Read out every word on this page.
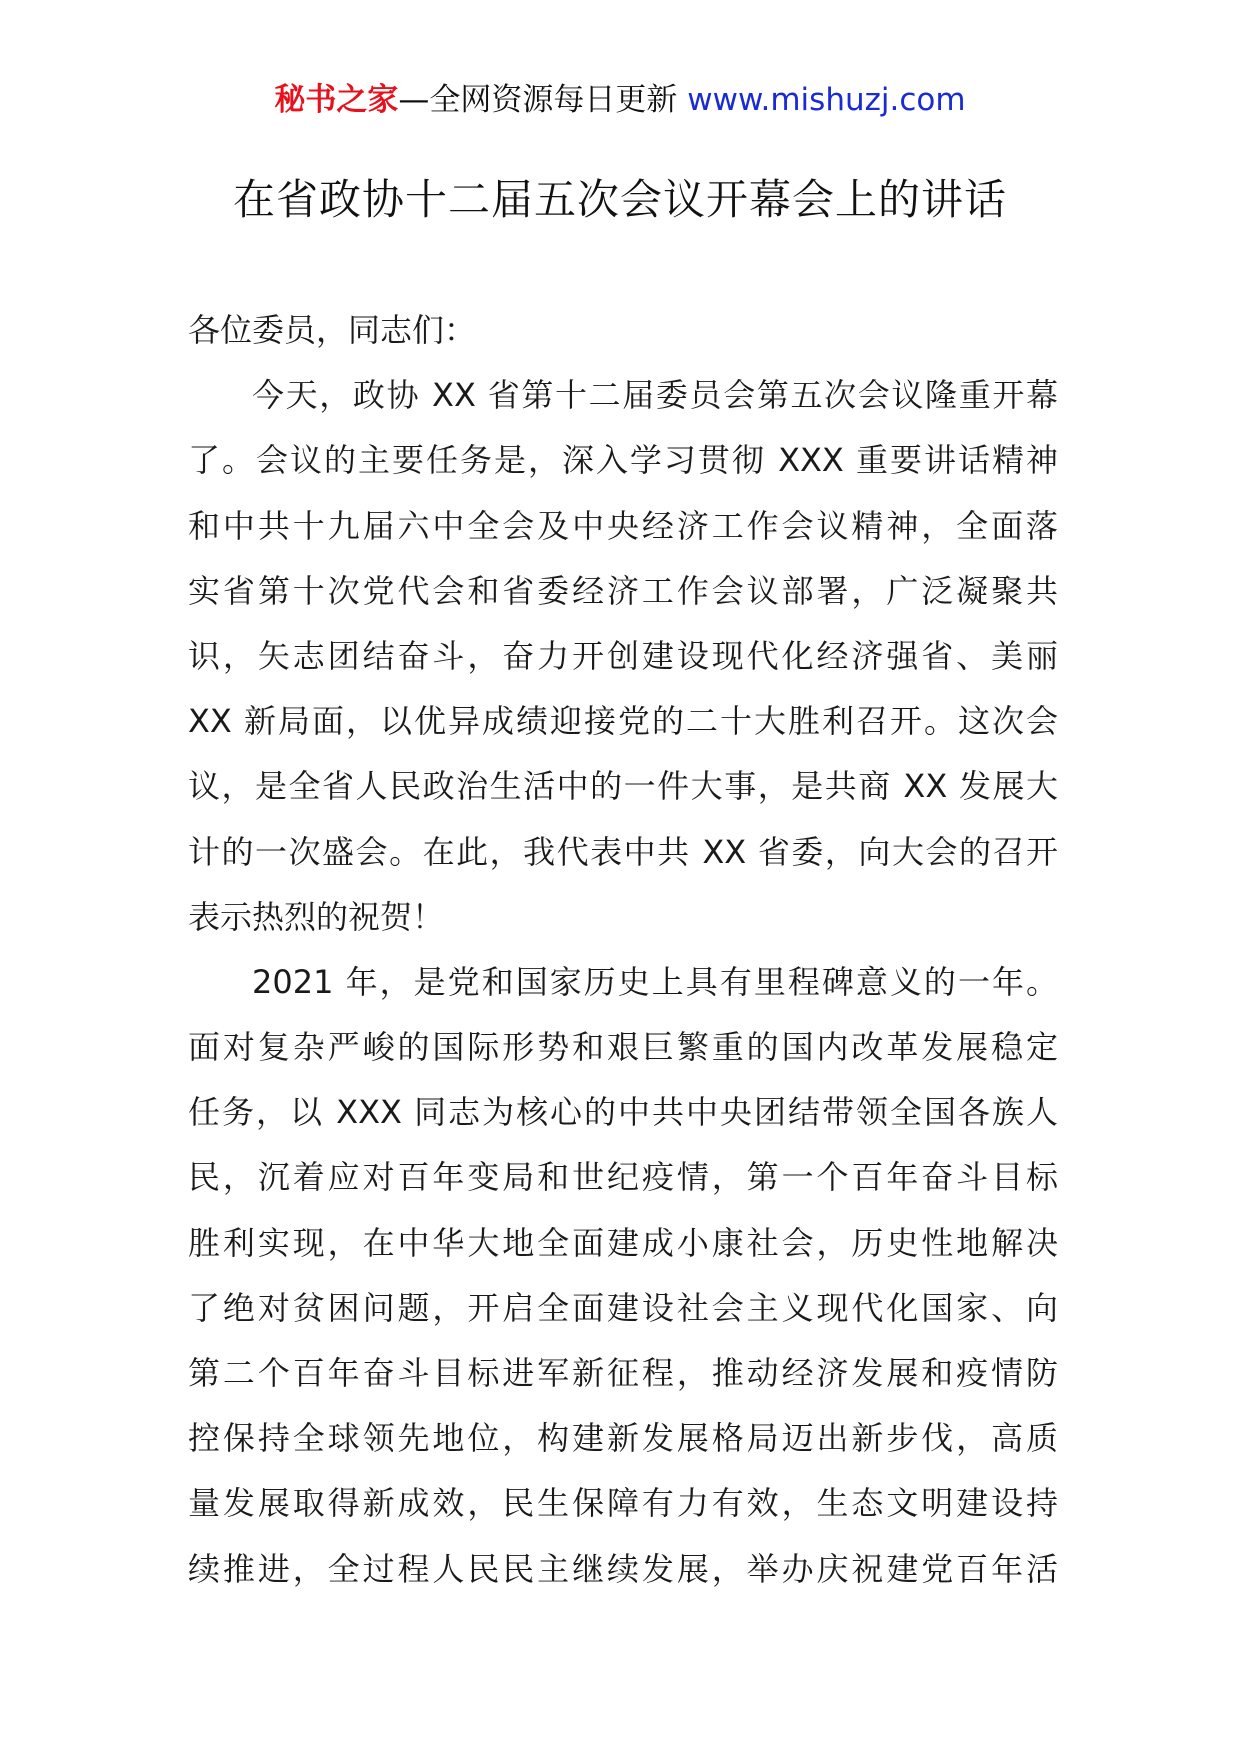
秘书之家—全网资源每日更新 www.mishuzj.com
在省政协十二届五次会议开幕会上的讲话
各位委员，同志们：
今天，政协 XX 省第十二届委员会第五次会议隆重开幕
了。会议的主要任务是，深入学习贯彻 XXX 重要讲话精神
和中共十九届六中全会及中央经济工作会议精神，全面落
实省第十次党代会和省委经济工作会议部署，广泛凝聚共
识，矢志团结奋斗，奋力开创建设现代化经济强省、美丽
XX 新局面，以优异成绩迎接党的二十大胜利召开。这次会
议，是全省人民政治生活中的一件大事，是共商 XX 发展大
计的一次盛会。在此，我代表中共 XX 省委，向大会的召开
表示热烈的祝贺！
2021 年，是党和国家历史上具有里程碑意义的一年。
面对复杂严峻的国际形势和艰巨繁重的国内改革发展稳定
任务，以 XXX 同志为核心的中共中央团结带领全国各族人
民，沉着应对百年变局和世纪疫情，第一个百年奋斗目标
胜利实现，在中华大地全面建成小康社会，历史性地解决
了绝对贫困问题，开启全面建设社会主义现代化国家、向
第二个百年奋斗目标进军新征程，推动经济发展和疫情防
控保持全球领先地位，构建新发展格局迈出新步伐，高质
量发展取得新成效，民生保障有力有效，生态文明建设持
续推进，全过程人民民主继续发展，举办庆祝建党百年活
